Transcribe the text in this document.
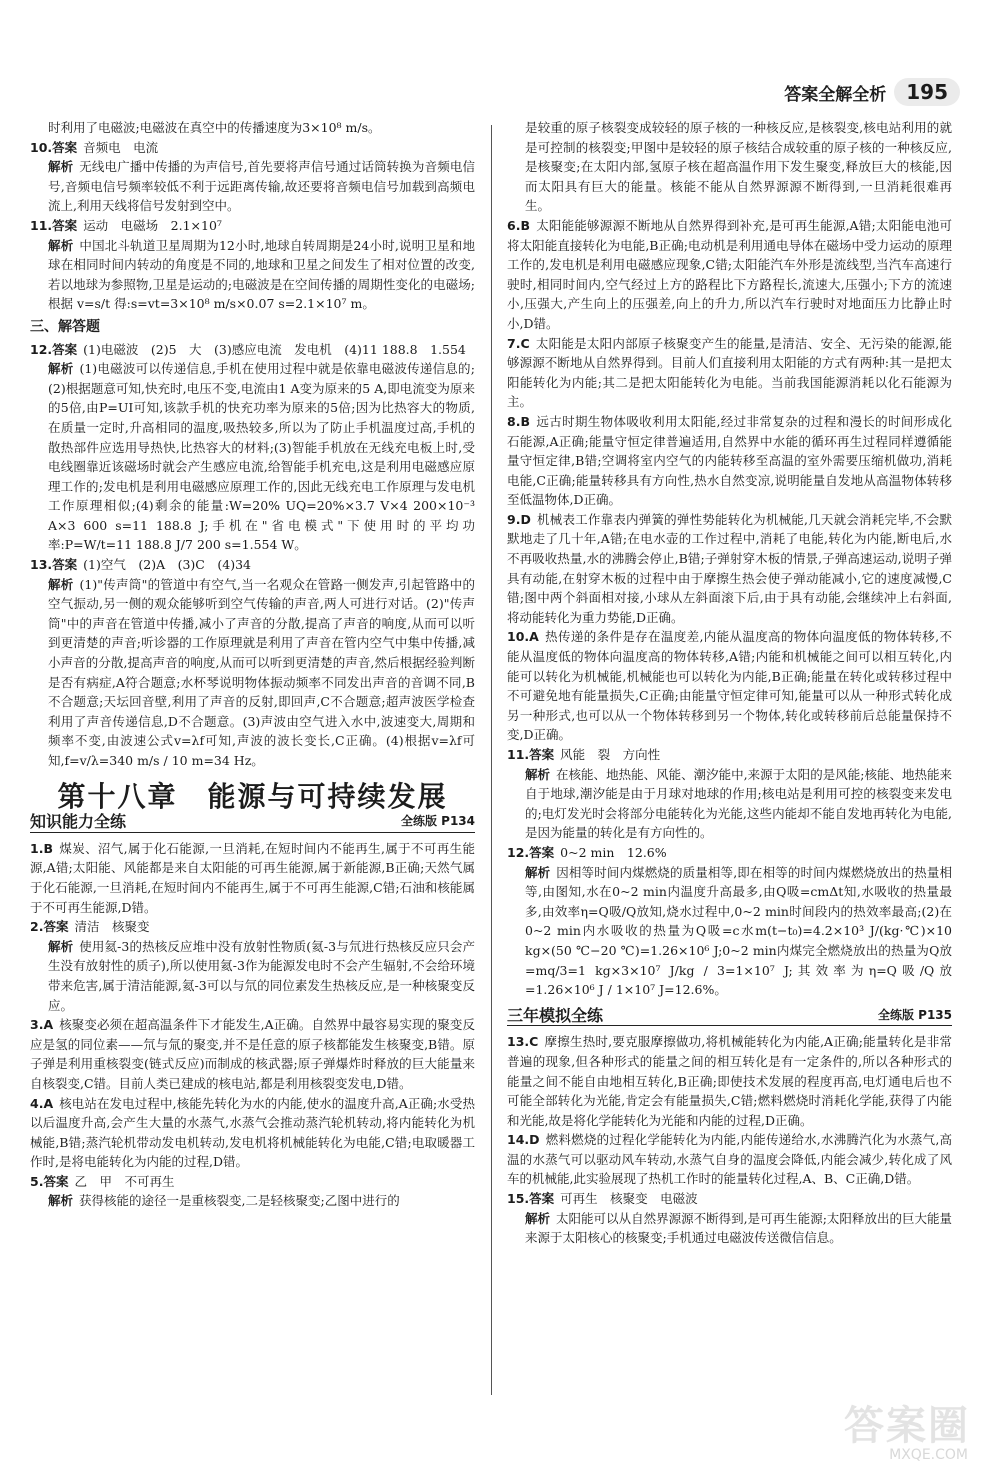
答案全解全析	195

时利用了电磁波;电磁波在真空中的传播速度为3×10⁸ m/s。

10.答案 音频电　电流

解析 无线电广播中传播的为声信号,首先要将声信号通过话筒转换为音频电信号,音频电信号频率较低不利于远距离传输,故还要将音频电信号加载到高频电流上,利用天线将信号发射到空中。

11.答案 运动　电磁场　2.1×10⁷

解析 中国北斗轨道卫星周期为12小时,地球自转周期是24小时,说明卫星和地球在相同时间内转动的角度是不同的,地球和卫星之间发生了相对位置的改变,若以地球为参照物,卫星是运动的;电磁波是在空间传播的周期性变化的电磁场;根据 v=s/t 得:s=vt=3×10⁸ m/s×0.07 s=2.1×10⁷ m。

三、解答题

12.答案 (1)电磁波　(2)5　大　(3)感应电流　发电机　(4)11 188.8　1.554

解析 (1)电磁波可以传递信息,手机在使用过程中就是依靠电磁波传递信息的;(2)根据题意可知,快充时,电压不变,电流由1 A变为原来的5 A,即电流变为原来的5倍,由P=UI可知,该款手机的快充功率为原来的5倍;因为比热容大的物质,在质量一定时,升高相同的温度,吸热较多,所以为了防止手机温度过高,手机的散热部件应选用导热快,比热容大的材料;(3)智能手机放在无线充电板上时,受电线圈靠近该磁场时就会产生感应电流,给智能手机充电,这是利用电磁感应原理工作的;发电机是利用电磁感应原理工作的,因此无线充电工作原理与发电机工作原理相似;(4)剩余的能量:W=20% UQ=20%×3.7 V×4 200×10⁻³ A×3 600 s=11 188.8 J;手机在"省电模式"下使用时的平均功率:P=W/t=11 188.8 J/7 200 s=1.554 W。

13.答案 (1)空气　(2)A　(3)C　(4)34

解析 (1)"传声筒"的管道中有空气,当一名观众在管路一侧发声,引起管路中的空气振动,另一侧的观众能够听到空气传输的声音,两人可进行对话。(2)"传声筒"中的声音在管道中传播,减小了声音的分散,提高了声音的响度,从而可以听到更清楚的声音;听诊器的工作原理就是利用了声音在管内空气中集中传播,减小声音的分散,提高声音的响度,从而可以听到更清楚的声音,然后根据经验判断是否有病症,A符合题意;水杯琴说明物体振动频率不同发出声音的音调不同,B不合题意;天坛回音壁,利用了声音的反射,即回声,C不合题意;超声波医学检查利用了声音传递信息,D不合题意。(3)声波由空气进入水中,波速变大,周期和频率不变,由波速公式v=λf可知,声波的波长变长,C正确。(4)根据v=λf可知,f=v/λ=340 m/s / 10 m=34 Hz。

第十八章　能源与可持续发展
知识能力全练	全练版 P134

1.B 煤炭、沼气,属于化石能源,一旦消耗,在短时间内不能再生,属于不可再生能源,A错;太阳能、风能都是来自太阳能的可再生能源,属于新能源,B正确;天然气属于化石能源,一旦消耗,在短时间内不能再生,属于不可再生能源,C错;石油和核能属于不可再生能源,D错。

2.答案 清洁　核聚变

解析 使用氦-3的热核反应堆中没有放射性物质(氦-3与氘进行热核反应只会产生没有放射性的质子),所以使用氦-3作为能源发电时不会产生辐射,不会给环境带来危害,属于清洁能源,氦-3可以与氘的同位素发生热核反应,是一种核聚变反应。

3.A 核聚变必须在超高温条件下才能发生,A正确。自然界中最容易实现的聚变反应是氢的同位素——氘与氚的聚变,并不是任意的原子核都能发生核聚变,B错。原子弹是利用重核裂变(链式反应)而制成的核武器;原子弹爆炸时释放的巨大能量来自核裂变,C错。目前人类已建成的核电站,都是利用核裂变发电,D错。

4.A 核电站在发电过程中,核能先转化为水的内能,使水的温度升高,A正确;水受热以后温度升高,会产生大量的水蒸气,水蒸气会推动蒸汽轮机转动,将内能转化为机械能,B错;蒸汽轮机带动发电机转动,发电机将机械能转化为电能,C错;电取暖器工作时,是将电能转化为内能的过程,D错。

5.答案 乙　甲　不可再生

解析 获得核能的途径一是重核裂变,二是轻核聚变;乙图中进行的

是较重的原子核裂变成较轻的原子核的一种核反应,是核裂变,核电站利用的就是可控制的核裂变;甲图中是较轻的原子核结合成较重的原子核的一种核反应,是核聚变;在太阳内部,氢原子核在超高温作用下发生聚变,释放巨大的核能,因而太阳具有巨大的能量。核能不能从自然界源源不断得到,一旦消耗很难再生。

6.B 太阳能能够源源不断地从自然界得到补充,是可再生能源,A错;太阳能电池可将太阳能直接转化为电能,B正确;电动机是利用通电导体在磁场中受力运动的原理工作的,发电机是利用电磁感应现象,C错;太阳能汽车外形是流线型,当汽车高速行驶时,相同时间内,空气经过上方的路程比下方路程长,流速大,压强小;下方的流速小,压强大,产生向上的压强差,向上的升力,所以汽车行驶时对地面压力比静止时小,D错。

7.C 太阳能是太阳内部原子核聚变产生的能量,是清洁、安全、无污染的能源,能够源源不断地从自然界得到。目前人们直接利用太阳能的方式有两种:其一是把太阳能转化为内能;其二是把太阳能转化为电能。当前我国能源消耗以化石能源为主。

8.B 远古时期生物体吸收利用太阳能,经过非常复杂的过程和漫长的时间形成化石能源,A正确;能量守恒定律普遍适用,自然界中水能的循环再生过程同样遵循能量守恒定律,B错;空调将室内空气的内能转移至高温的室外需要压缩机做功,消耗电能,C正确;能量转移具有方向性,热水自然变凉,说明能量自发地从高温物体转移至低温物体,D正确。

9.D 机械表工作靠表内弹簧的弹性势能转化为机械能,几天就会消耗完毕,不会默默地走了几十年,A错;在电水壶的工作过程中,消耗了电能,转化为内能,断电后,水不再吸收热量,水的沸腾会停止,B错;子弹射穿木板的情景,子弹高速运动,说明子弹具有动能,在射穿木板的过程中由于摩擦生热会使子弹动能减小,它的速度减慢,C错;图中两个斜面相对接,小球从左斜面滚下后,由于具有动能,会继续冲上右斜面,将动能转化为重力势能,D正确。

10.A 热传递的条件是存在温度差,内能从温度高的物体向温度低的物体转移,不能从温度低的物体向温度高的物体转移,A错;内能和机械能之间可以相互转化,内能可以转化为机械能,机械能也可以转化为内能,B正确;能量在转化或转移过程中不可避免地有能量损失,C正确;由能量守恒定律可知,能量可以从一种形式转化成另一种形式,也可以从一个物体转移到另一个物体,转化或转移前后总能量保持不变,D正确。

11.答案 风能　裂　方向性

解析 在核能、地热能、风能、潮汐能中,来源于太阳的是风能;核能、地热能来自于地球,潮汐能是由于月球对地球的作用;核电站是利用可控的核裂变来发电的;电灯发光时会将部分电能转化为光能,这些内能却不能自发地再转化为电能,是因为能量的转化是有方向性的。

12.答案 0~2 min　12.6%

解析 因相等时间内煤燃烧的质量相等,即在相等的时间内煤燃烧放出的热量相等,由图知,水在0~2 min内温度升高最多,由Q吸=cmΔt知,水吸收的热量最多,由效率η=Q吸/Q放知,烧水过程中,0~2 min时间段内的热效率最高;(2)在0~2 min内水吸收的热量为Q吸=c水m(t−t₀)=4.2×10³ J/(kg·℃)×10 kg×(50 ℃−20 ℃)=1.26×10⁶ J;0~2 min内煤完全燃烧放出的热量为Q放=mq/3=1 kg×3×10⁷ J/kg / 3=1×10⁷ J;其效率为η=Q吸/Q放=1.26×10⁶ J / 1×10⁷ J=12.6%。

三年模拟全练	全练版 P135

13.C 摩擦生热时,要克服摩擦做功,将机械能转化为内能,A正确;能量转化是非常普遍的现象,但各种形式的能量之间的相互转化是有一定条件的,所以各种形式的能量之间不能自由地相互转化,B正确;即使技术发展的程度再高,电灯通电后也不可能全部转化为光能,肯定会有能量损失,C错;燃料燃烧时消耗化学能,获得了内能和光能,故是将化学能转化为光能和内能的过程,D正确。

14.D 燃料燃烧的过程化学能转化为内能,内能传递给水,水沸腾汽化为水蒸气,高温的水蒸气可以驱动风车转动,水蒸气自身的温度会降低,内能会减少,转化成了风车的机械能,此实验展现了热机工作时的能量转化过程,A、B、C正确,D错。

15.答案 可再生　核聚变　电磁波

解析 太阳能可以从自然界源源不断得到,是可再生能源;太阳释放出的巨大能量来源于太阳核心的核聚变;手机通过电磁波传送微信信息。

答案圈
MXQE.COM
